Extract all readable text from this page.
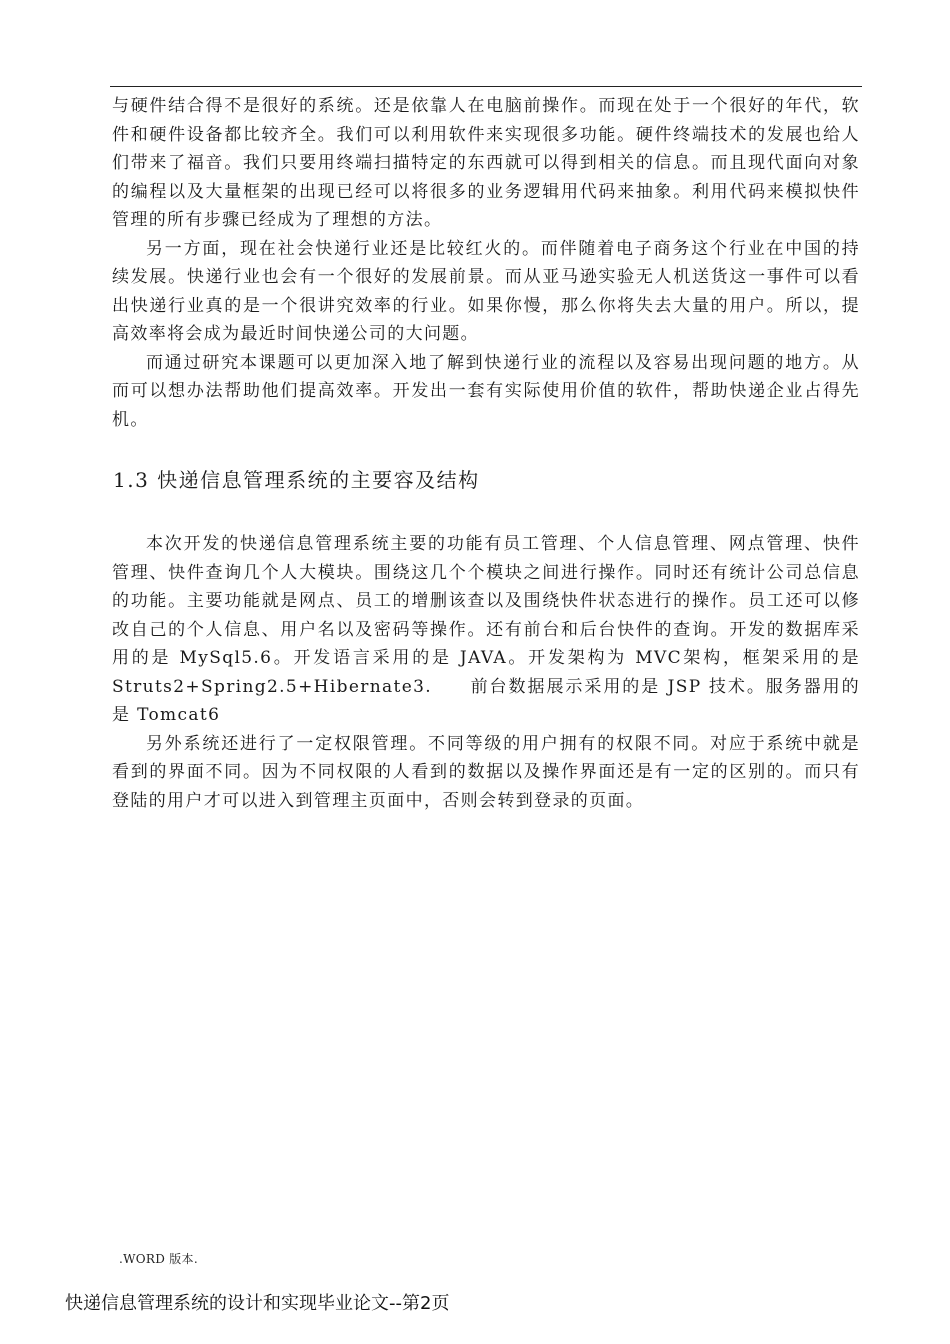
与硬件结合得不是很好的系统。还是依靠人在电脑前操作。而现在处于一个很好的年代，软件和硬件设备都比较齐全。我们可以利用软件来实现很多功能。硬件终端技术的发展也给人们带来了福音。我们只要用终端扫描特定的东西就可以得到相关的信息。而且现代面向对象的编程以及大量框架的出现已经可以将很多的业务逻辑用代码来抽象。利用代码来模拟快件管理的所有步骤已经成为了理想的方法。

另一方面，现在社会快递行业还是比较红火的。而伴随着电子商务这个行业在中国的持续发展。快递行业也会有一个很好的发展前景。而从亚马逊实验无人机送货这一事件可以看出快递行业真的是一个很讲究效率的行业。如果你慢，那么你将失去大量的用户。所以，提高效率将会成为最近时间快递公司的大问题。

而通过研究本课题可以更加深入地了解到快递行业的流程以及容易出现问题的地方。从而可以想办法帮助他们提高效率。开发出一套有实际使用价值的软件，帮助快递企业占得先机。

1.3 快递信息管理系统的主要容及结构

本次开发的快递信息管理系统主要的功能有员工管理、个人信息管理、网点管理、快件管理、快件查询几个人大模块。围绕这几个个模块之间进行操作。同时还有统计公司总信息的功能。主要功能就是网点、员工的增删该查以及围绕快件状态进行的操作。员工还可以修改自己的个人信息、用户名以及密码等操作。还有前台和后台快件的查询。开发的数据库采用的是 MySql5.6。开发语言采用的是 JAVA。开发架构为 MVC架构，框架采用的是 Struts2+Spring2.5+Hibernate3.　　前台数据展示采用的是 JSP 技术。服务器用的是 Tomcat6

另外系统还进行了一定权限管理。不同等级的用户拥有的权限不同。对应于系统中就是看到的界面不同。因为不同权限的人看到的数据以及操作界面还是有一定的区别的。而只有登陆的用户才可以进入到管理主页面中，否则会转到登录的页面。

.WORD 版本.
快递信息管理系统的设计和实现毕业论文--第2页
